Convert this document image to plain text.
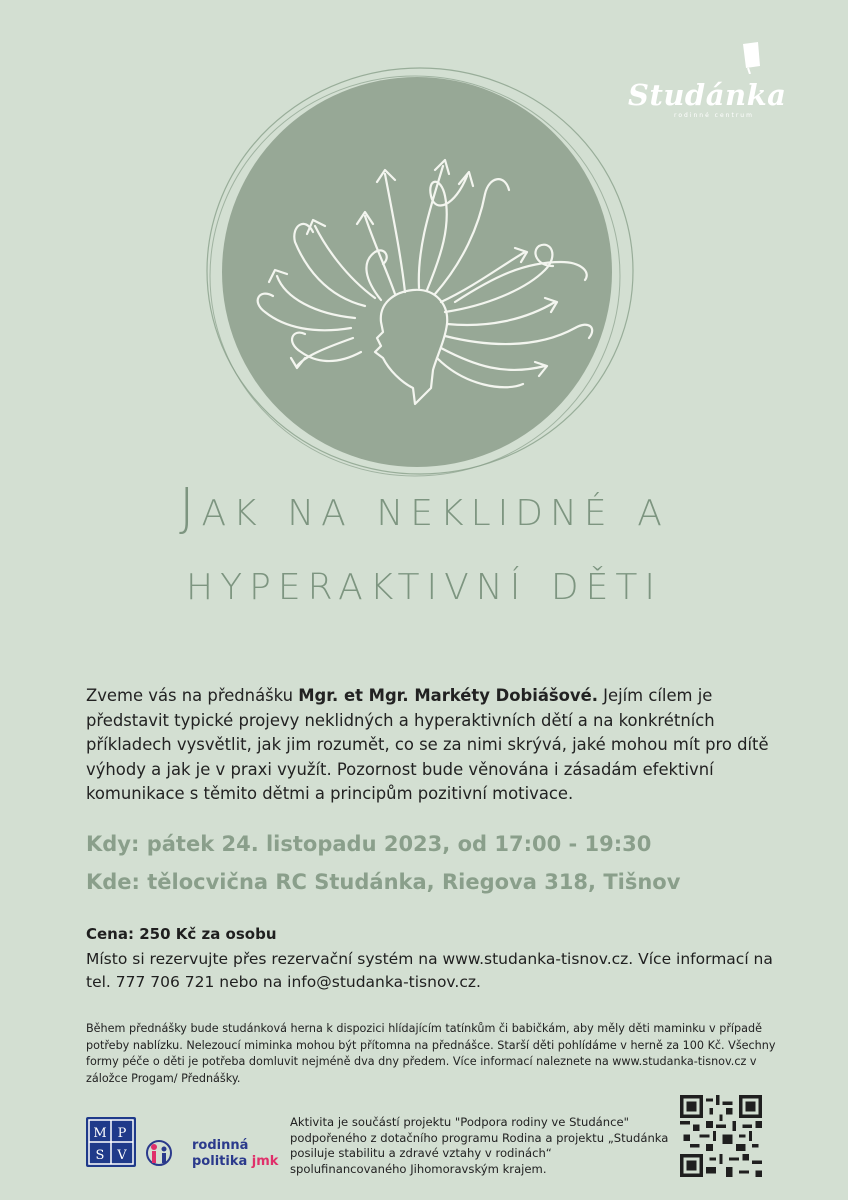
Studánka
rodinné centrum
Jak na neklidné a
hyperaktivní děti
Zveme vás na přednášku Mgr. et Mgr. Markéty Dobiášové. Jejím cílem je představit typické projevy neklidných a hyperaktivních dětí a na konkrétních příkladech vysvětlit, jak jim rozumět, co se za nimi skrývá, jaké mohou mít pro dítě výhody a jak je v praxi využít. Pozornost bude věnována i zásadám efektivní komunikace s těmito dětmi a principům pozitivní motivace.
Kdy: pátek 24. listopadu 2023, od 17:00 - 19:30
Kde: tělocvična RC Studánka, Riegova 318, Tišnov
Cena: 250 Kč za osobu
Místo si rezervujte přes rezervační systém na www.studanka-tisnov.cz. Více informací na tel. 777 706 721 nebo na info@studanka-tisnov.cz.
Během přednášky bude studánková herna k dispozici hlídajícím tatínkům či babičkám, aby měly děti maminku v případě potřeby nablízku. Nelezoucí miminka mohou být přítomna na přednášce. Starší děti pohlídáme v herně za 100 Kč. Všechny formy péče o děti je potřeba domluvit nejméně dva dny předem. Více informací naleznete na www.studanka-tisnov.cz v záložce Progam/ Přednášky.
M P
S V
rodinná
politika jmk
Aktivita je součástí projektu "Podpora rodiny ve Studánce" podpořeného z dotačního programu Rodina a projektu „Studánka posiluje stabilitu a zdravé vztahy v rodinách“ spolufinancovaného Jihomoravským krajem.
